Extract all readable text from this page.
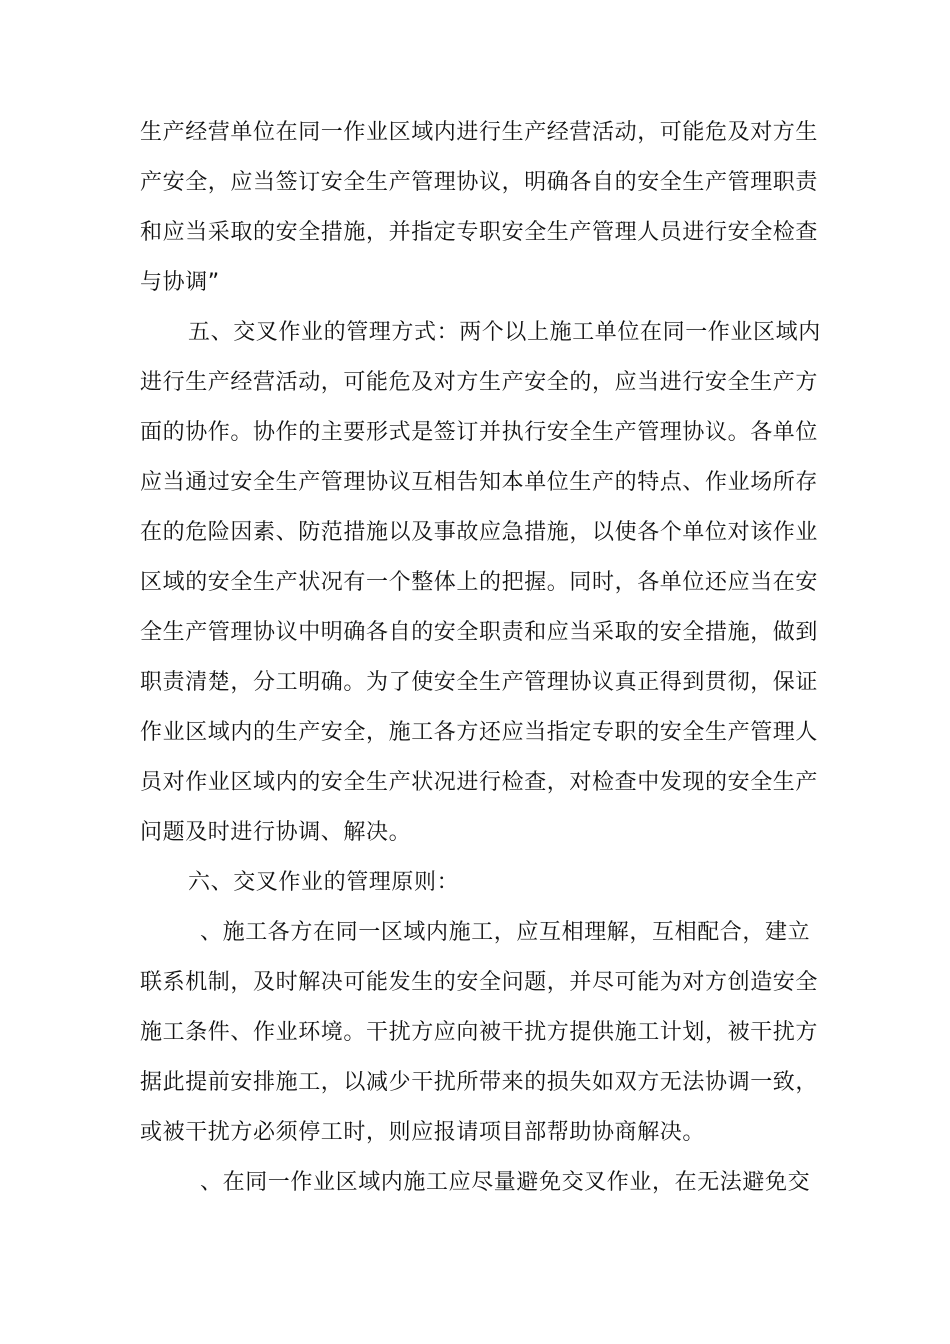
生产经营单位在同一作业区域内进行生产经营活动，可能危及对方生
产安全，应当签订安全生产管理协议，明确各自的安全生产管理职责
和应当采取的安全措施，并指定专职安全生产管理人员进行安全检查
与协调”
五、交叉作业的管理方式：两个以上施工单位在同一作业区域内
进行生产经营活动，可能危及对方生产安全的，应当进行安全生产方
面的协作。协作的主要形式是签订并执行安全生产管理协议。各单位
应当通过安全生产管理协议互相告知本单位生产的特点、作业场所存
在的危险因素、防范措施以及事故应急措施，以使各个单位对该作业
区域的安全生产状况有一个整体上的把握。同时，各单位还应当在安
全生产管理协议中明确各自的安全职责和应当采取的安全措施，做到
职责清楚，分工明确。为了使安全生产管理协议真正得到贯彻，保证
作业区域内的生产安全，施工各方还应当指定专职的安全生产管理人
员对作业区域内的安全生产状况进行检查，对检查中发现的安全生产
问题及时进行协调、解决。
六、交叉作业的管理原则：
、施工各方在同一区域内施工，应互相理解，互相配合，建立
联系机制，及时解决可能发生的安全问题，并尽可能为对方创造安全
施工条件、作业环境。干扰方应向被干扰方提供施工计划，被干扰方
据此提前安排施工，以减少干扰所带来的损失如双方无法协调一致，
或被干扰方必须停工时，则应报请项目部帮助协商解决。
、在同一作业区域内施工应尽量避免交叉作业，在无法避免交
